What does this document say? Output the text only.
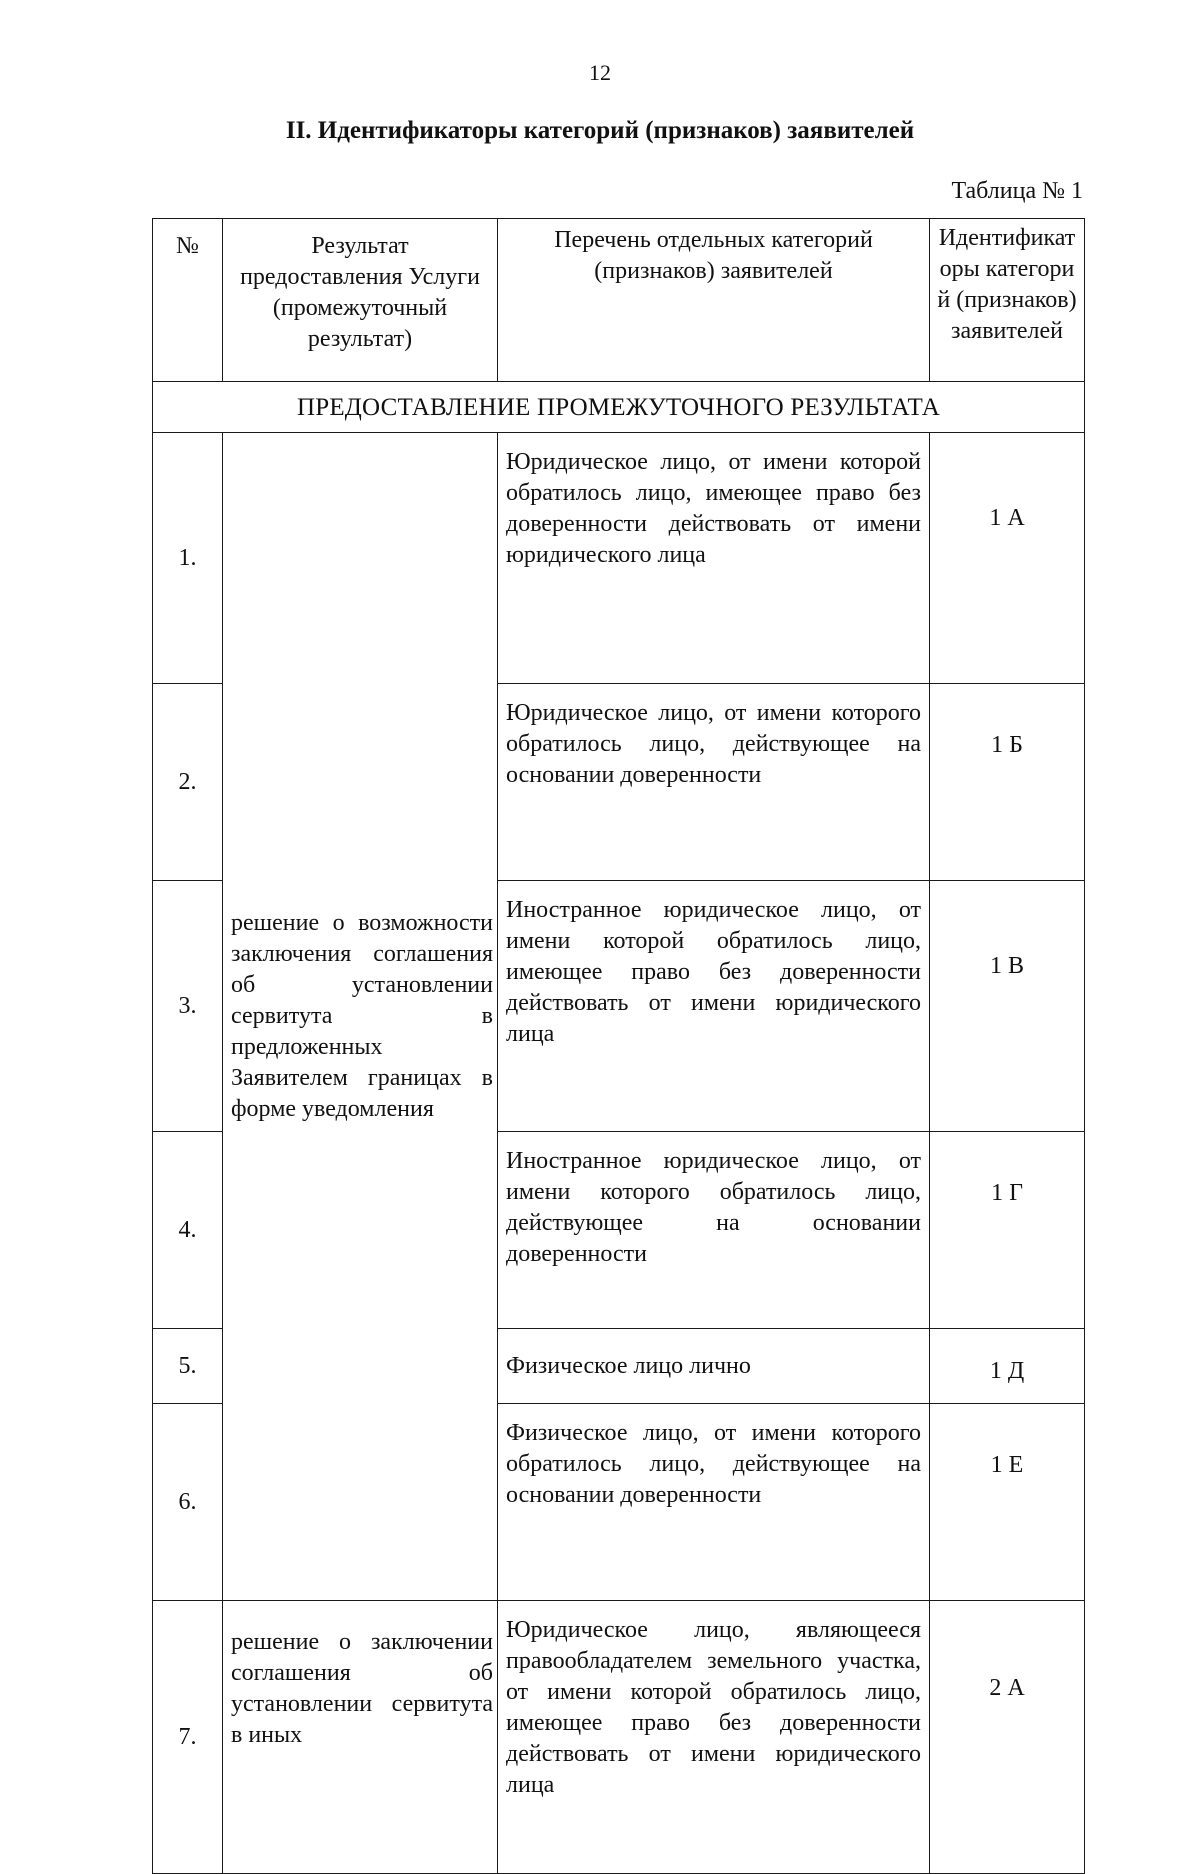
12
II. Идентификаторы категорий (признаков) заявителей
Таблица № 1
№	Результат предоставления Услуги (промежуточный результат)	Перечень отдельных категорий (признаков) заявителей	Идентификаторы категорий (признаков) заявителей
ПРЕДОСТАВЛЕНИЕ ПРОМЕЖУТОЧНОГО РЕЗУЛЬТАТА			
1.	решение о возможности заключения соглашения об установлении сервитута в предложенных Заявителем границах в форме уведомления	Юридическое лицо, от имени которой обратилось лицо, имеющее право без доверенности действовать от имени юридического лица	1 А
2.		Юридическое лицо, от имени которого обратилось лицо, действующее на основании доверенности	1 Б
3.		Иностранное юридическое лицо, от имени которой обратилось лицо, имеющее право без доверенности действовать от имени юридического лица	1 В
4.		Иностранное юридическое лицо, от имени которого обратилось лицо, действующее на основании доверенности	1 Г
5.		Физическое лицо лично	1 Д
6.		Физическое лицо, от имени которого обратилось лицо, действующее на основании доверенности	1 Е
7.	решение о заключении соглашения об установлении сервитута в иных	Юридическое лицо, являющееся правообладателем земельного участка, от имени которой обратилось лицо, имеющее право без доверенности действовать от имени юридического лица	2 А
